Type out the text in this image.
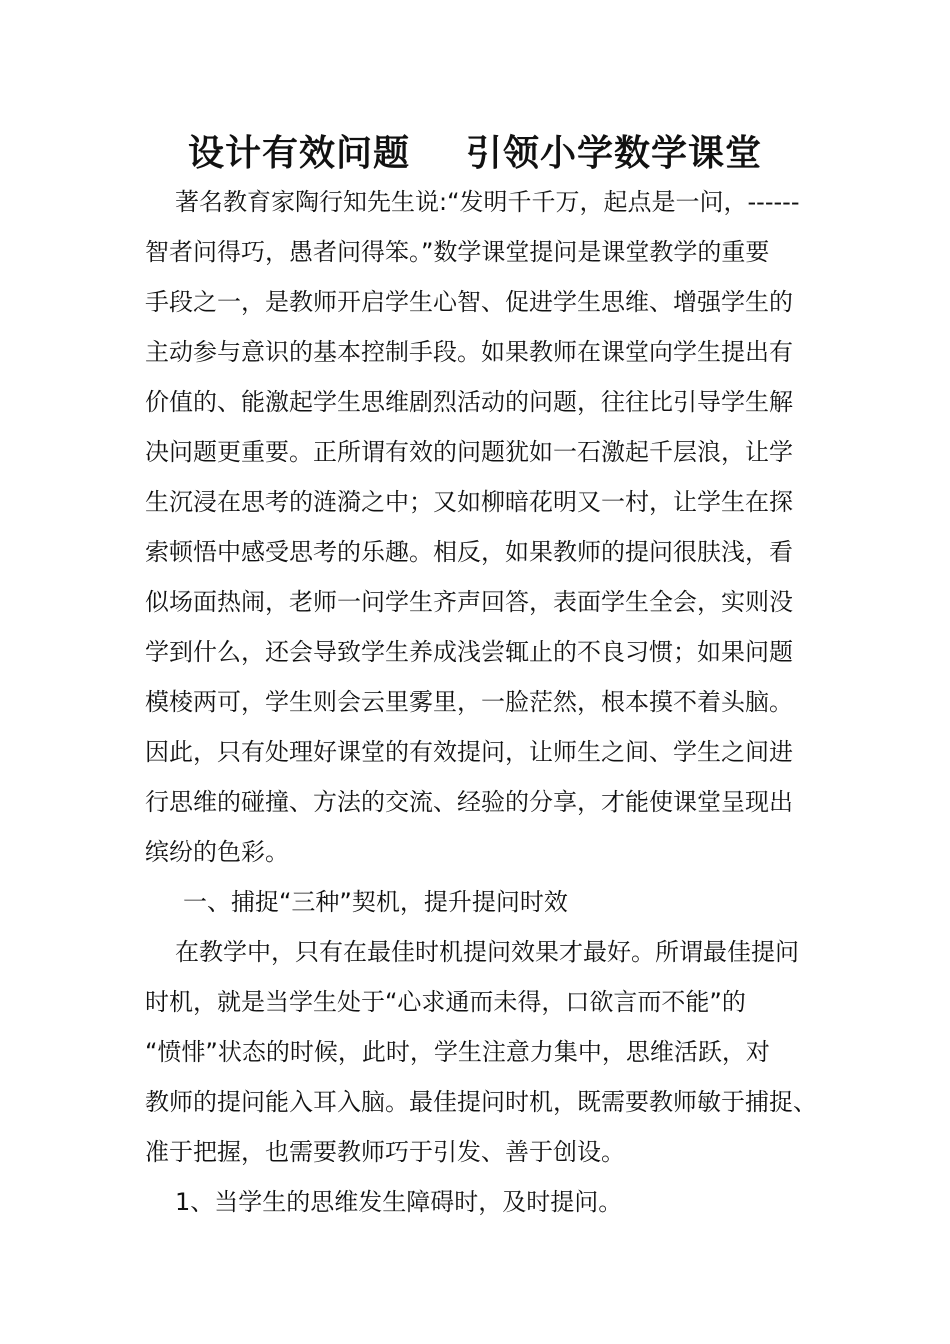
设计有效问题 引领小学数学课堂

著名教育家陶行知先生说:“发明千千万，起点是一问，------

智者问得巧，愚者问得笨。”数学课堂提问是课堂教学的重要

手段之一，是教师开启学生心智、促进学生思维、增强学生的

主动参与意识的基本控制手段。如果教师在课堂向学生提出有

价值的、能激起学生思维剧烈活动的问题，往往比引导学生解

决问题更重要。正所谓有效的问题犹如一石激起千层浪，让学

生沉浸在思考的涟漪之中；又如柳暗花明又一村，让学生在探

索顿悟中感受思考的乐趣。相反，如果教师的提问很肤浅，看

似场面热闹，老师一问学生齐声回答，表面学生全会，实则没

学到什么，还会导致学生养成浅尝辄止的不良习惯；如果问题

模棱两可，学生则会云里雾里，一脸茫然，根本摸不着头脑。

因此，只有处理好课堂的有效提问，让师生之间、学生之间进

行思维的碰撞、方法的交流、经验的分享，才能使课堂呈现出

缤纷的色彩。

一、捕捉“三种”契机，提升提问时效

在教学中，只有在最佳时机提问效果才最好。所谓最佳提问

时机，就是当学生处于“心求通而未得，口欲言而不能”的

“愤悱”状态的时候，此时，学生注意力集中，思维活跃，对

教师的提问能入耳入脑。最佳提问时机，既需要教师敏于捕捉、

准于把握，也需要教师巧于引发、善于创设。

1、当学生的思维发生障碍时，及时提问。
